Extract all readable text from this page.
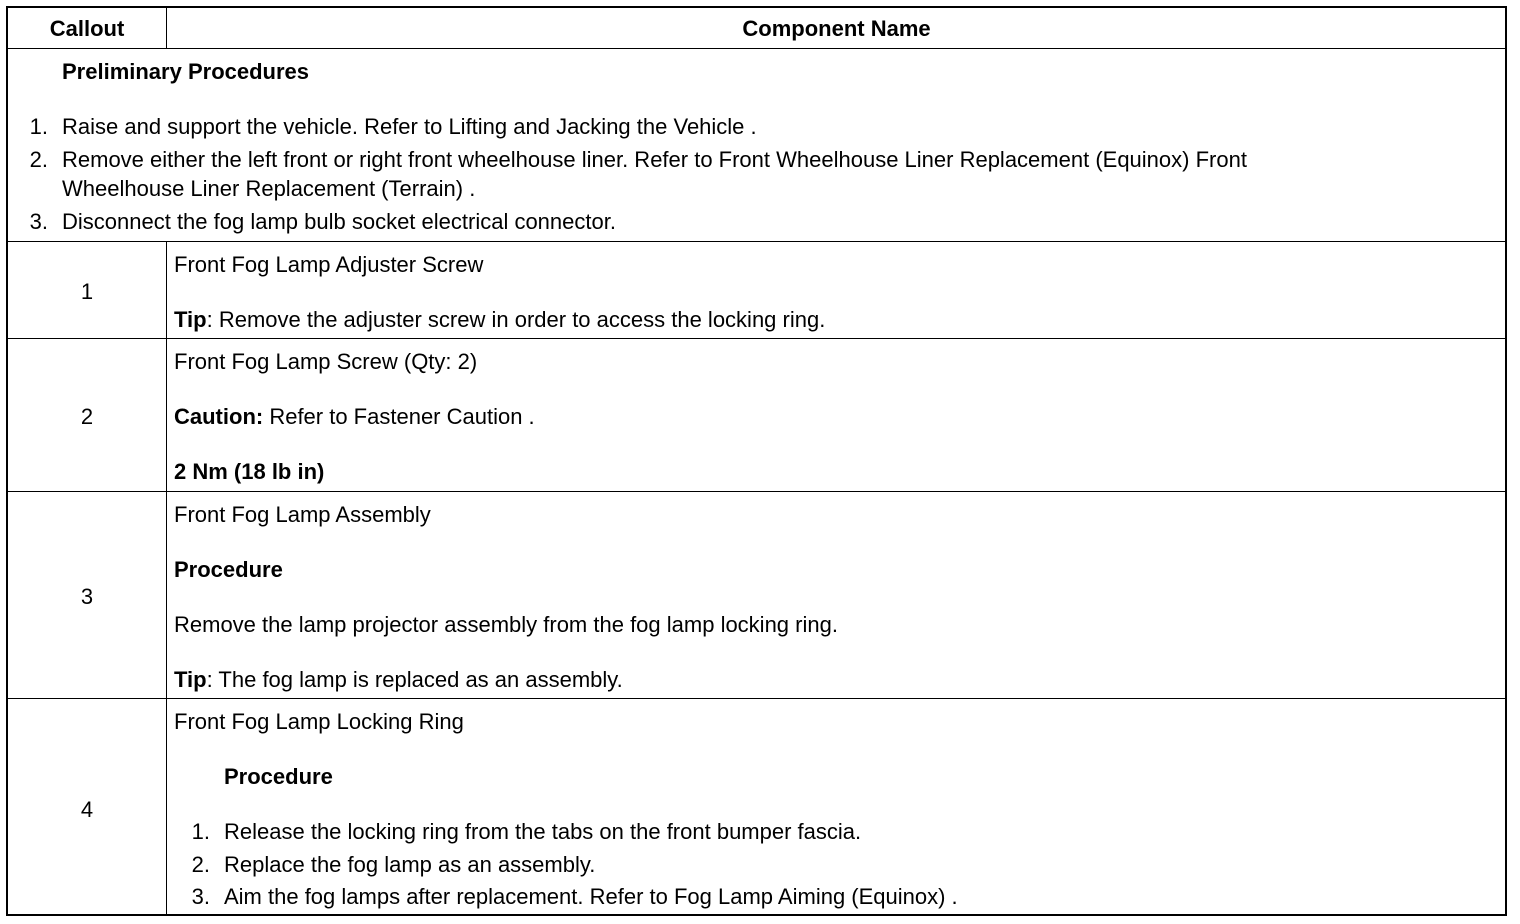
Callout	Component Name
Preliminary Procedures
1. Raise and support the vehicle. Refer to Lifting and Jacking the Vehicle .
2. Remove either the left front or right front wheelhouse liner. Refer to Front Wheelhouse Liner Replacement (Equinox) Front
Wheelhouse Liner Replacement (Terrain) .
3. Disconnect the fog lamp bulb socket electrical connector.
1
Front Fog Lamp Adjuster Screw
Tip: Remove the adjuster screw in order to access the locking ring.
2
Front Fog Lamp Screw (Qty: 2)
Caution: Refer to Fastener Caution .
2 Nm (18 lb in)
3
Front Fog Lamp Assembly
Procedure
Remove the lamp projector assembly from the fog lamp locking ring.
Tip: The fog lamp is replaced as an assembly.
4
Front Fog Lamp Locking Ring
Procedure
1. Release the locking ring from the tabs on the front bumper fascia.
2. Replace the fog lamp as an assembly.
3. Aim the fog lamps after replacement. Refer to Fog Lamp Aiming (Equinox) .
